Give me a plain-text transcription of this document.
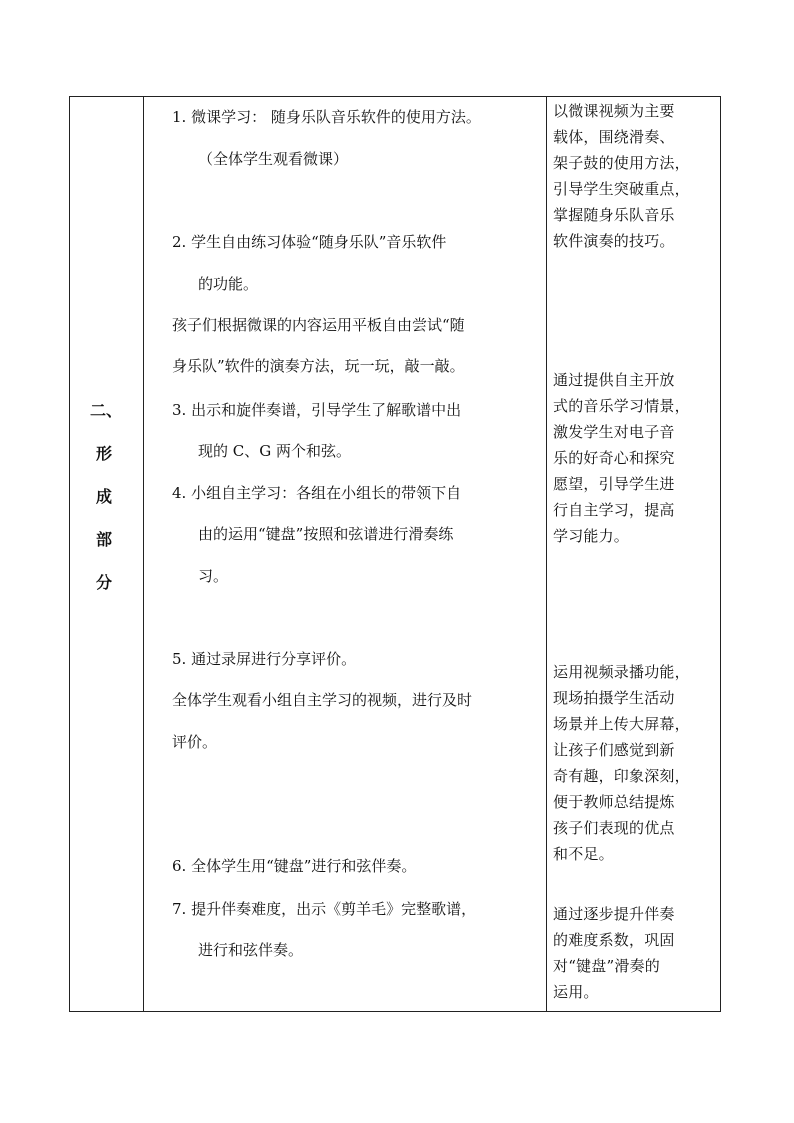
二、
形
成
部
分
1. 微课学习： 随身乐队音乐软件的使用方法。
（全体学生观看微课）
2. 学生自由练习体验“随身乐队”音乐软件
的功能。
孩子们根据微课的内容运用平板自由尝试“随
身乐队”软件的演奏方法，玩一玩，敲一敲。
3. 出示和旋伴奏谱，引导学生了解歌谱中出
现的 C、G 两个和弦。
4. 小组自主学习：各组在小组长的带领下自
由的运用“键盘”按照和弦谱进行滑奏练
习。
5. 通过录屏进行分享评价。
全体学生观看小组自主学习的视频，进行及时
评价。
6. 全体学生用“键盘”进行和弦伴奏。
7. 提升伴奏难度，出示《剪羊毛》完整歌谱，
进行和弦伴奏。
以微课视频为主要
载体，围绕滑奏、
架子鼓的使用方法，
引导学生突破重点，
掌握随身乐队音乐
软件演奏的技巧。
通过提供自主开放
式的音乐学习情景，
激发学生对电子音
乐的好奇心和探究
愿望，引导学生进
行自主学习，提高
学习能力。
运用视频录播功能，
现场拍摄学生活动
场景并上传大屏幕，
让孩子们感觉到新
奇有趣，印象深刻，
便于教师总结提炼
孩子们表现的优点
和不足。
通过逐步提升伴奏
的难度系数，巩固
对“键盘”滑奏的
运用。
